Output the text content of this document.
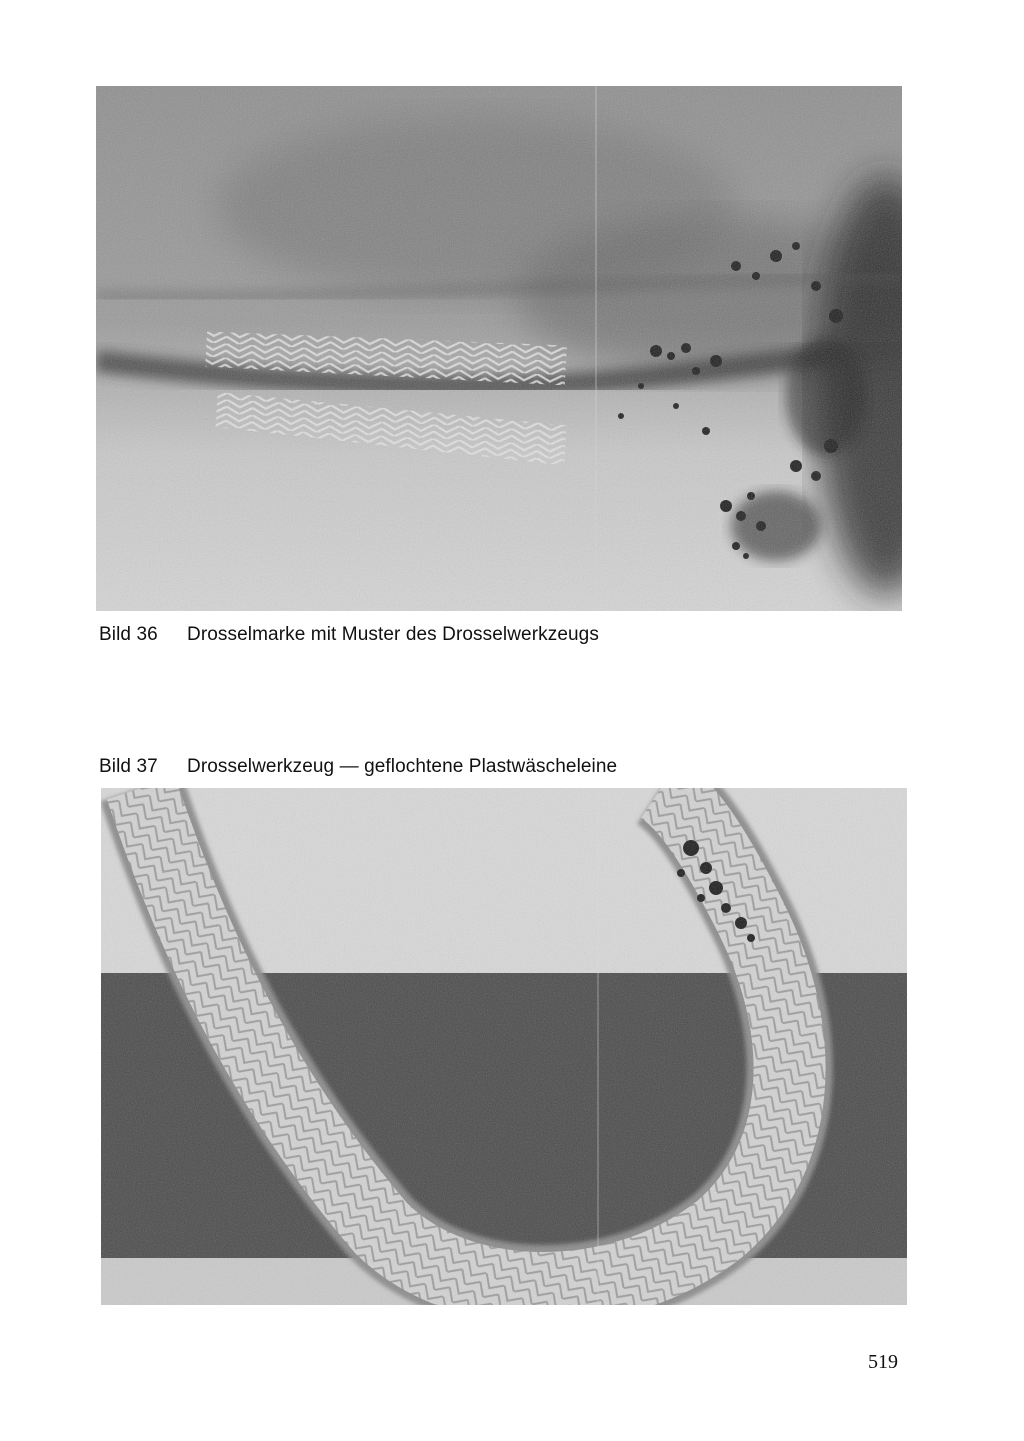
Bild 36 Drosselmarke mit Muster des Drosselwerkzeugs
Bild 37 Drosselwerkzeug — geflochtene Plastwäscheleine
519
